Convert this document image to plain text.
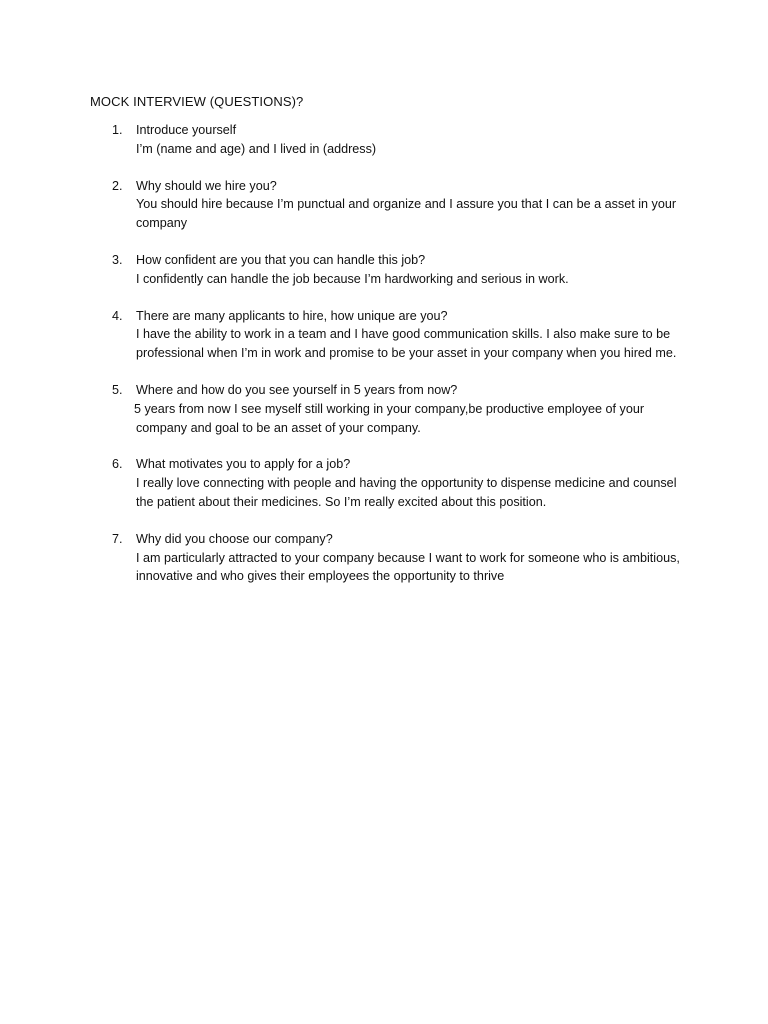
MOCK INTERVIEW (QUESTIONS)?
1.	Introduce yourself
I’m (name and age) and I lived in (address)
2.	Why should we hire you?
You should hire because I’m punctual and organize and I assure you that I can be a asset in your company
3.	How confident are you that you can handle this job?
I confidently can handle the job because I’m hardworking and serious in work.
4.	There are many applicants to hire, how unique are you?
I have the ability to work in a team and I have good communication skills. I also make sure to be professional when I’m in work and promise to be your asset in your company when you hired me.
5.	Where and how do you see yourself in 5 years from now?
5 years from now I see myself still working in your company,be productive employee of your company and goal to be an asset of your company.
6.	What motivates you to apply for a job?
I really love connecting with people and having the opportunity to dispense medicine and counsel the patient about their medicines. So I’m really excited about this position.
7.	Why did you choose our company?
I am particularly attracted to your company because I want to work for someone who is ambitious, innovative and who gives their employees the opportunity to thrive
